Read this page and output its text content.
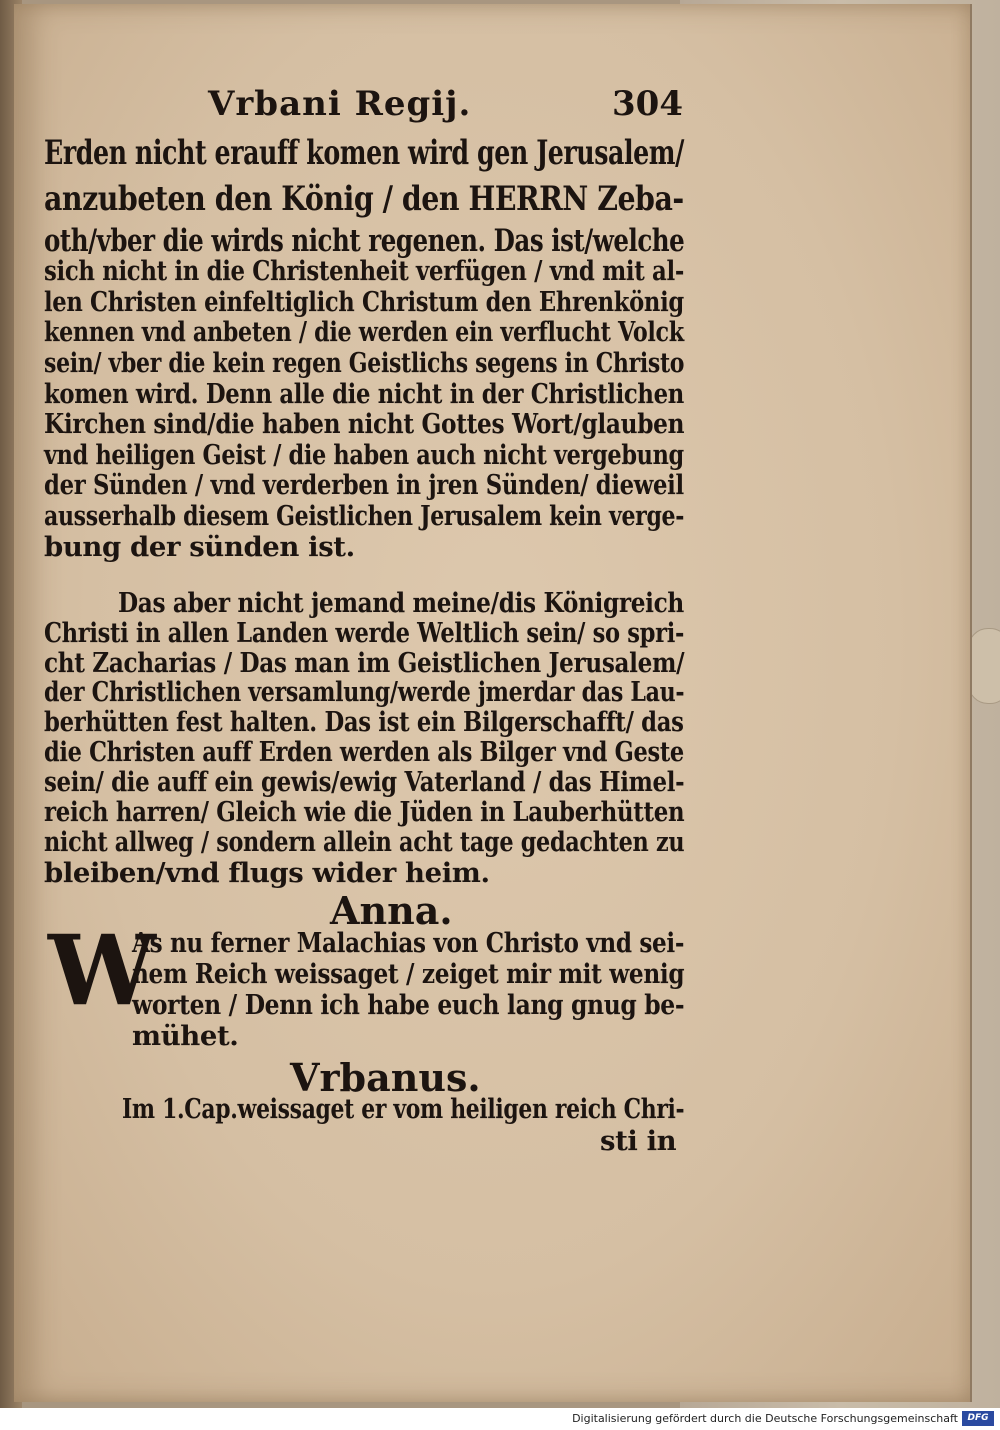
Vrbani Regij.	304
Erden nicht erauff komen wird gen Jerusalem/
anzubeten den König / den HERRN Zeba-
oth/vber die wirds nicht regenen. Das ist/welche
sich nicht in die Christenheit verfügen / vnd mit al-
len Christen einfeltiglich Christum den Ehrenkönig
kennen vnd anbeten / die werden ein verflucht Volck
sein/ vber die kein regen Geistlichs segens in Christo
komen wird. Denn alle die nicht in der Christlichen
Kirchen sind/die haben nicht Gottes Wort/glauben
vnd heiligen Geist / die haben auch nicht vergebung
der Sünden / vnd verderben in jren Sünden/ dieweil
ausserhalb diesem Geistlichen Jerusalem kein verge-
bung der sünden ist.
Das aber nicht jemand meine/dis Königreich
Christi in allen Landen werde Weltlich sein/ so spri-
cht Zacharias / Das man im Geistlichen Jerusalem/
der Christlichen versamlung/werde jmerdar das Lau-
berhütten fest halten. Das ist ein Bilgerschafft/ das
die Christen auff Erden werden als Bilger vnd Geste
sein/ die auff ein gewis/ewig Vaterland / das Himel-
reich harren/ Gleich wie die Jüden in Lauberhütten
nicht allweg / sondern allein acht tage gedachten zu
bleiben/vnd flugs wider heim.
Anna.
W
As nu ferner Malachias von Christo vnd sei-
nem Reich weissaget / zeiget mir mit wenig
worten / Denn ich habe euch lang gnug be-
mühet.
Vrbanus.
Im 1.Cap.weissaget er vom heiligen reich Chri-
sti in
Digitalisierung gefördert durch die Deutsche Forschungsgemeinschaft	DFG
